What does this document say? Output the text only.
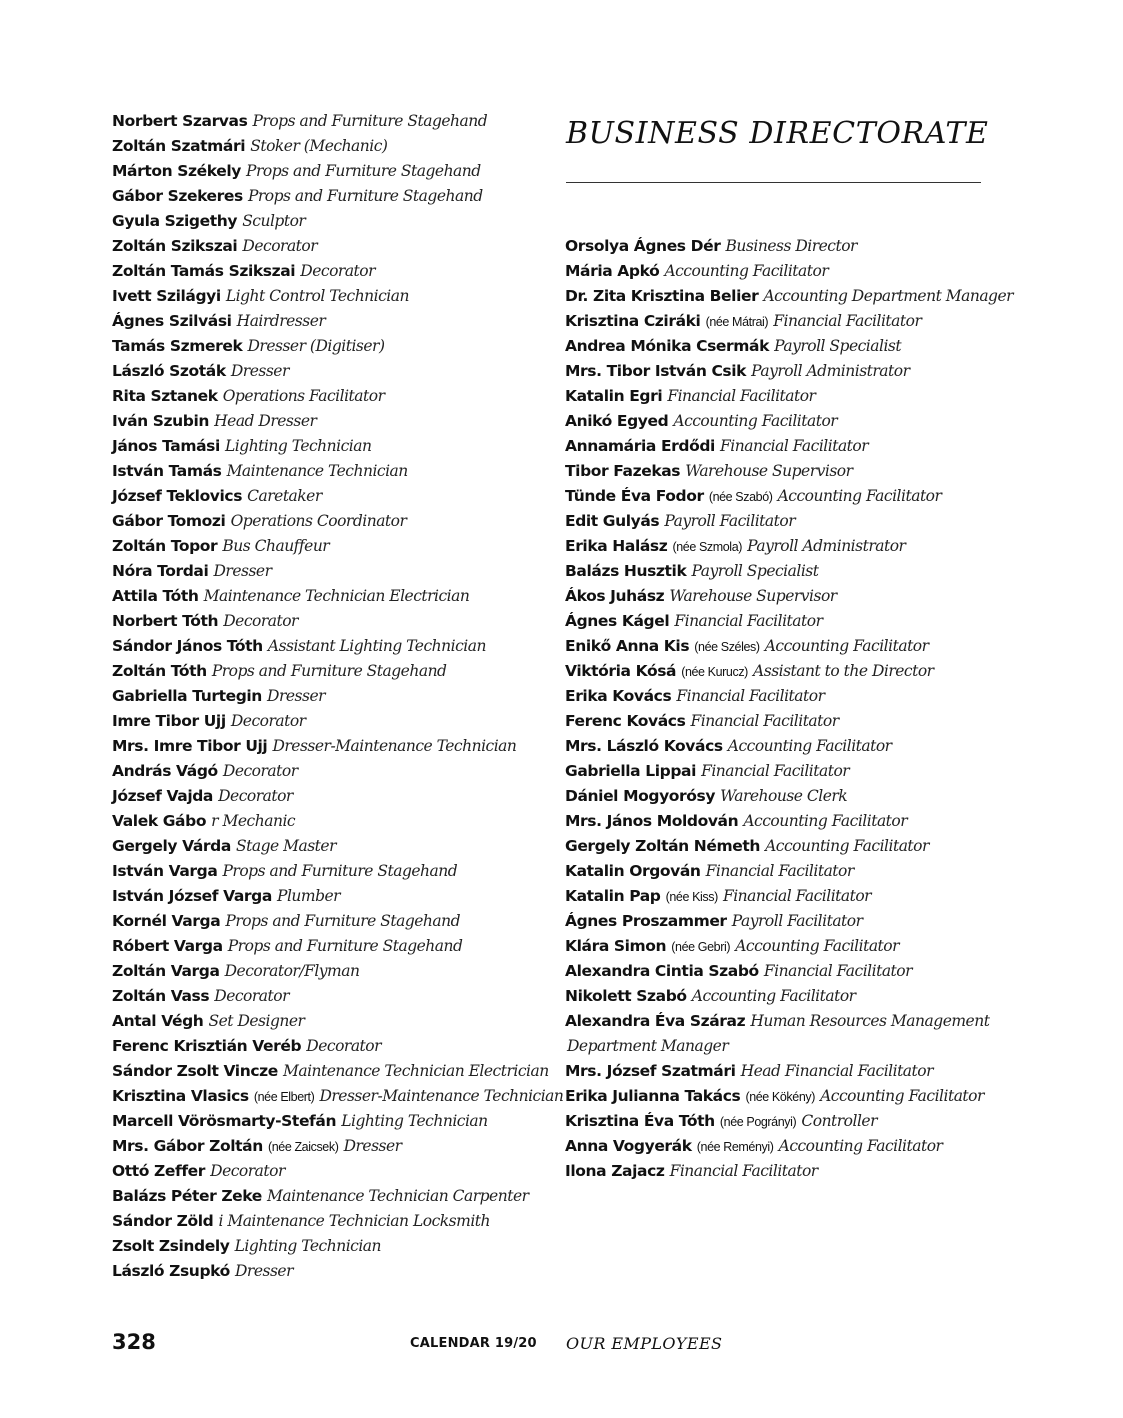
Norbert Szarvas Props and Furniture Stagehand
Zoltán Szatmári Stoker (Mechanic)
Márton Székely Props and Furniture Stagehand
Gábor Szekeres Props and Furniture Stagehand
Gyula Szigethy Sculptor
Zoltán Szikszai Decorator
Zoltán Tamás Szikszai Decorator
Ivett Szilágyi Light Control Technician
Ágnes Szilvási Hairdresser
Tamás Szmerek Dresser (Digitiser)
László Szoták Dresser
Rita Sztanek Operations Facilitator
Iván Szubin Head Dresser
János Tamási Lighting Technician
István Tamás Maintenance Technician
József Teklovics Caretaker
Gábor Tomozi Operations Coordinator
Zoltán Topor Bus Chauffeur
Nóra Tordai Dresser
Attila Tóth Maintenance Technician Electrician
Norbert Tóth Decorator
Sándor János Tóth Assistant Lighting Technician
Zoltán Tóth Props and Furniture Stagehand
Gabriella Turtegin Dresser
Imre Tibor Ujj Decorator
Mrs. Imre Tibor Ujj Dresser-Maintenance Technician
András Vágó Decorator
József Vajda Decorator
Valek Gábo r Mechanic
Gergely Várda Stage Master
István Varga Props and Furniture Stagehand
István József Varga Plumber
Kornél Varga Props and Furniture Stagehand
Róbert Varga Props and Furniture Stagehand
Zoltán Varga Decorator/Flyman
Zoltán Vass Decorator
Antal Végh Set Designer
Ferenc Krisztián Veréb Decorator
Sándor Zsolt Vincze Maintenance Technician Electrician
Krisztina Vlasics (née Elbert) Dresser-Maintenance Technician
Marcell Vörösmarty-Stefán Lighting Technician
Mrs. Gábor Zoltán (née Zaicsek) Dresser
Ottó Zeffer Decorator
Balázs Péter Zeke Maintenance Technician Carpenter
Sándor Zöld i Maintenance Technician Locksmith
Zsolt Zsindely Lighting Technician
László Zsupkó Dresser
BUSINESS DIRECTORATE
Orsolya Ágnes Dér Business Director
Mária Apkó Accounting Facilitator
Dr. Zita Krisztina Belier Accounting Department Manager
Krisztina Cziráki (née Mátrai) Financial Facilitator
Andrea Mónika Csermák Payroll Specialist
Mrs. Tibor István Csik Payroll Administrator
Katalin Egri Financial Facilitator
Anikó Egyed Accounting Facilitator
Annamária Erdődi Financial Facilitator
Tibor Fazekas Warehouse Supervisor
Tünde Éva Fodor (née Szabó) Accounting Facilitator
Edit Gulyás Payroll Facilitator
Erika Halász (née Szmola) Payroll Administrator
Balázs Husztik Payroll Specialist
Ákos Juhász Warehouse Supervisor
Ágnes Kágel Financial Facilitator
Enikő Anna Kis (née Széles) Accounting Facilitator
Viktória Kósá (née Kurucz) Assistant to the Director
Erika Kovács Financial Facilitator
Ferenc Kovács Financial Facilitator
Mrs. László Kovács Accounting Facilitator
Gabriella Lippai Financial Facilitator
Dániel Mogyorósy Warehouse Clerk
Mrs. János Moldován Accounting Facilitator
Gergely Zoltán Németh Accounting Facilitator
Katalin Orgován Financial Facilitator
Katalin Pap (née Kiss) Financial Facilitator
Ágnes Proszammer Payroll Facilitator
Klára Simon (née Gebri) Accounting Facilitator
Alexandra Cintia Szabó Financial Facilitator
Nikolett Szabó Accounting Facilitator
Alexandra Éva Száraz Human Resources Management
Department Manager
Mrs. József Szatmári Head Financial Facilitator
Erika Julianna Takács (née Kökény) Accounting Facilitator
Krisztina Éva Tóth (née Pogrányi) Controller
Anna Vogyerák (née Reményi) Accounting Facilitator
Ilona Zajacz Financial Facilitator
328	CALENDAR 19/20 OUR EMPLOYEES
